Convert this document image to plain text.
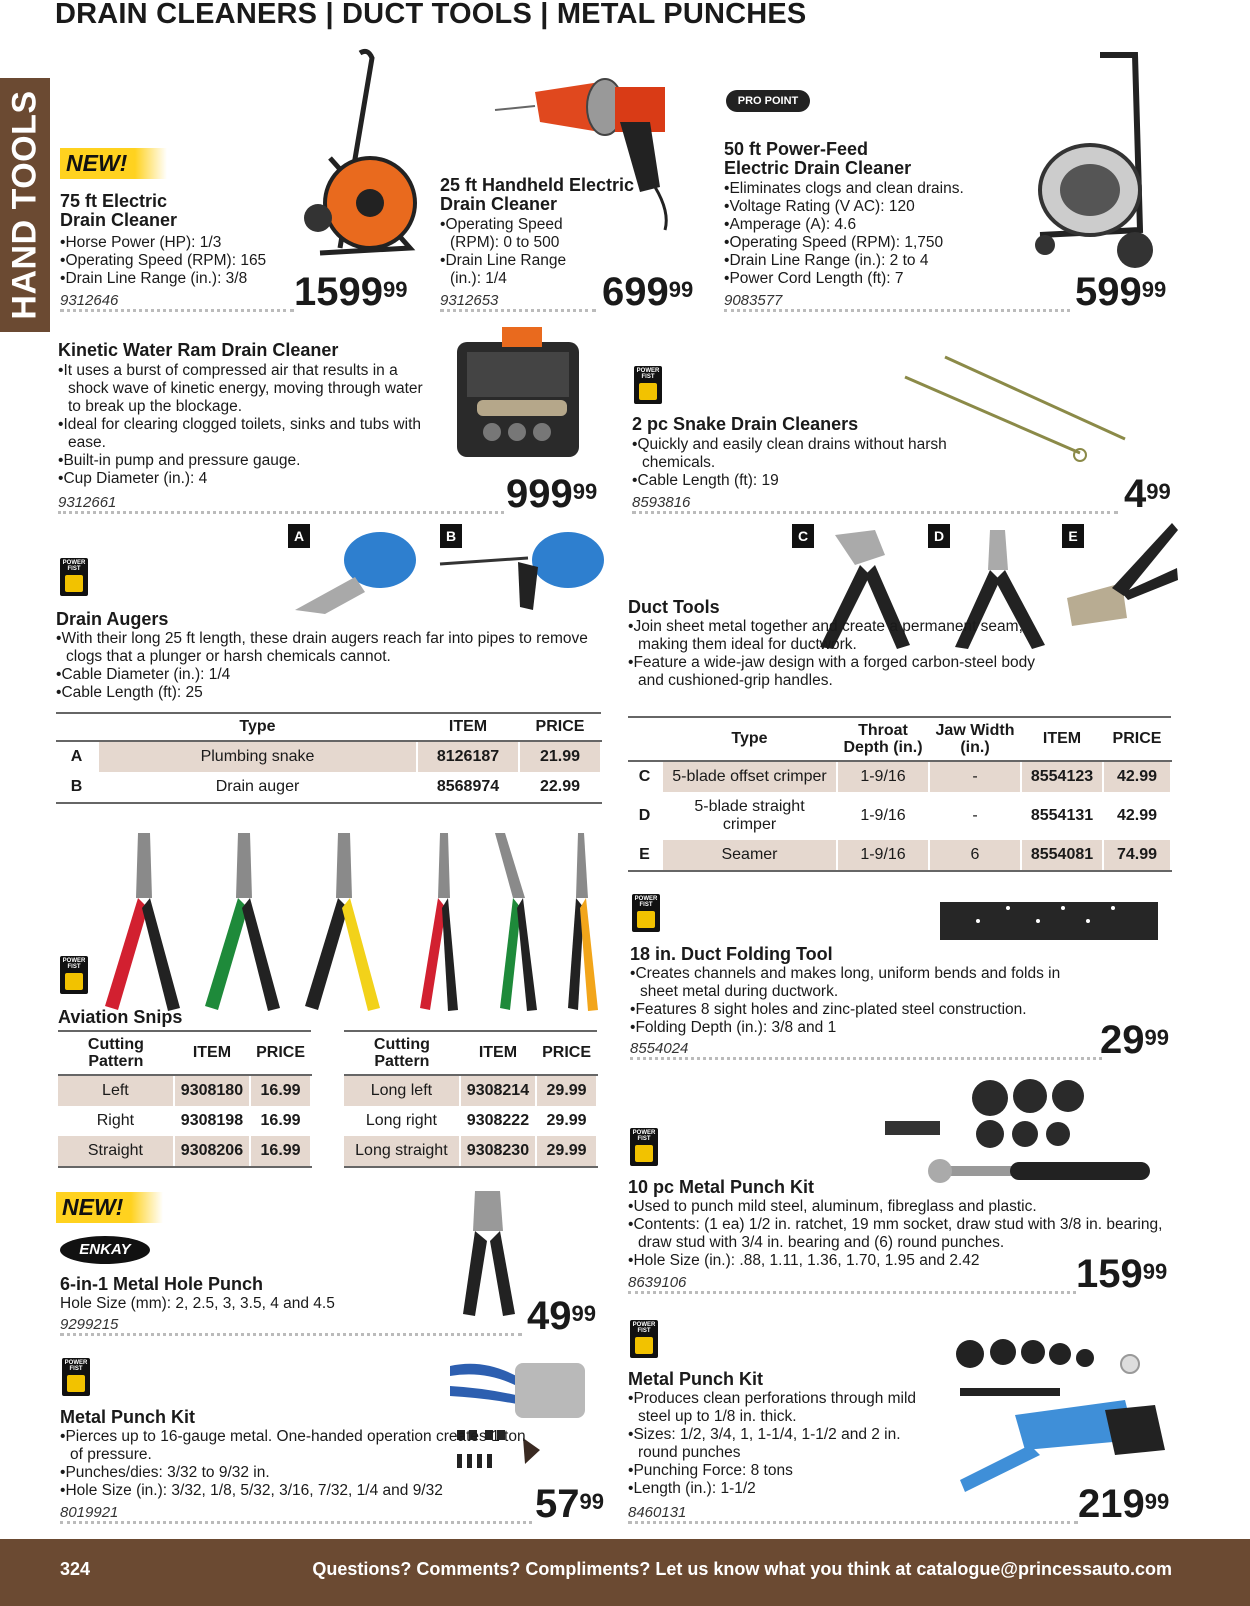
DRAIN CLEANERS | DUCT TOOLS | METAL PUNCHES
HAND TOOLS NEW!
75 ft Electric
Drain Cleaner
• Horse Power (HP): 1/3
• Operating Speed (RPM): 165
• Drain Line Range (in.): 3/8
9312646	1599$^{99}$
25 ft Handheld Electric
Drain Cleaner
• Operating Speed (RPM): 0 to 500
• Drain Line Range (in.): 1/4
9312653	$699^{99}$
PRO POINT
50 ft Power-Feed
Electric Drain Cleaner
• Eliminates clogs and clean drains.
• Voltage Rating (V AC): 120
• Amperage (A): 4.6
• Operating Speed (RPM): 1,750
• Drain Line Range (in.): 2 to 4
• Power Cord Length (ft): 7
9083577	$599^{99}$
Kinetic Water Ram Drain Cleaner
• It uses a burst of compressed air that results in a shock wave of kinetic energy, moving through water to break up the blockage.
• Ideal for clearing clogged toilets, sinks and tubs with ease.
• Built-in pump and pressure gauge.
• Cup Diameter (in.): 4
9312661	$999^{99}$
POWER FIST
2 pc Snake Drain Cleaners
• Quickly and easily clean drains without harsh chemicals.
• Cable Length (ft): 19
8593816	$4^{99}$
A	B
POWER FIST
Drain Augers
• With their long 25 ft length, these drain augers reach far into pipes to remove clogs that a plunger or harsh chemicals cannot.
• Cable Diameter (in.): 1/4
• Cable Length (ft): 25
	Type	ITEM	PRICE
A	Plumbing snake	8126187	21.99
B	Drain auger	8568974	22.99
C	D	E
Duct Tools
• Join sheet metal together and create a permanent seam, making them ideal for ductwork.
• Feature a wide-jaw design with a forged carbon-steel body and cushioned-grip handles.
	Type	Throat Depth (in.)	Jaw Width (in.)	ITEM	PRICE
C	5-blade offset crimper	1-9/16	-	8554123	42.99
D	5-blade straight crimper	1-9/16	-	8554131	42.99
E	Seamer	1-9/16	6	8554081	74.99
POWER FIST
Aviation Snips
Cutting Pattern	ITEM	PRICE
Left	9308180	16.99
Right	9308198	16.99
Straight	9308206	16.99
Cutting Pattern	ITEM	PRICE
Long left	9308214	29.99
Long right	9308222	29.99
Long straight	9308230	29.99
POWER FIST
18 in. Duct Folding Tool
• Creates channels and makes long, uniform bends and folds in sheet metal during ductwork.
• Features 8 sight holes and zinc-plated steel construction.
• Folding Depth (in.): 3/8 and 1
8554024	$29^{99}$
NEW!
ENKAY
6-in-1 Metal Hole Punch
Hole Size (mm): 2, 2.5, 3, 3.5, 4 and 4.5
9299215	$49^{99}$
POWER FIST
10 pc Metal Punch Kit
• Used to punch mild steel, aluminum, fibreglass and plastic.
• Contents: (1 ea) 1/2 in. ratchet, 19 mm socket, draw stud with 3/8 in. bearing, draw stud with 3/4 in. bearing and (6) round punches.
• Hole Size (in.): .88, 1.11, 1.36, 1.70, 1.95 and 2.42
8639106	$159^{99}$
POWER FIST
Metal Punch Kit
• Pierces up to 16-gauge metal. One-handed operation creates 1 ton of pressure.
• Punches/dies: 3/32 to 9/32 in.
• Hole Size (in.): 3/32, 1/8, 5/32, 3/16, 7/32, 1/4 and 9/32
8019921	$57^{99}$
POWER FIST
Metal Punch Kit
• Produces clean perforations through mild steel up to 1/8 in. thick.
• Sizes: 1/2, 3/4, 1, 1-1/4, 1-1/2 and 2 in. round punches
• Punching Force: 8 tons
• Length (in.): 1-1/2
8460131	$219^{99}$
324	Questions? Comments? Compliments? Let us know what you think at catalogue@princessauto.com
